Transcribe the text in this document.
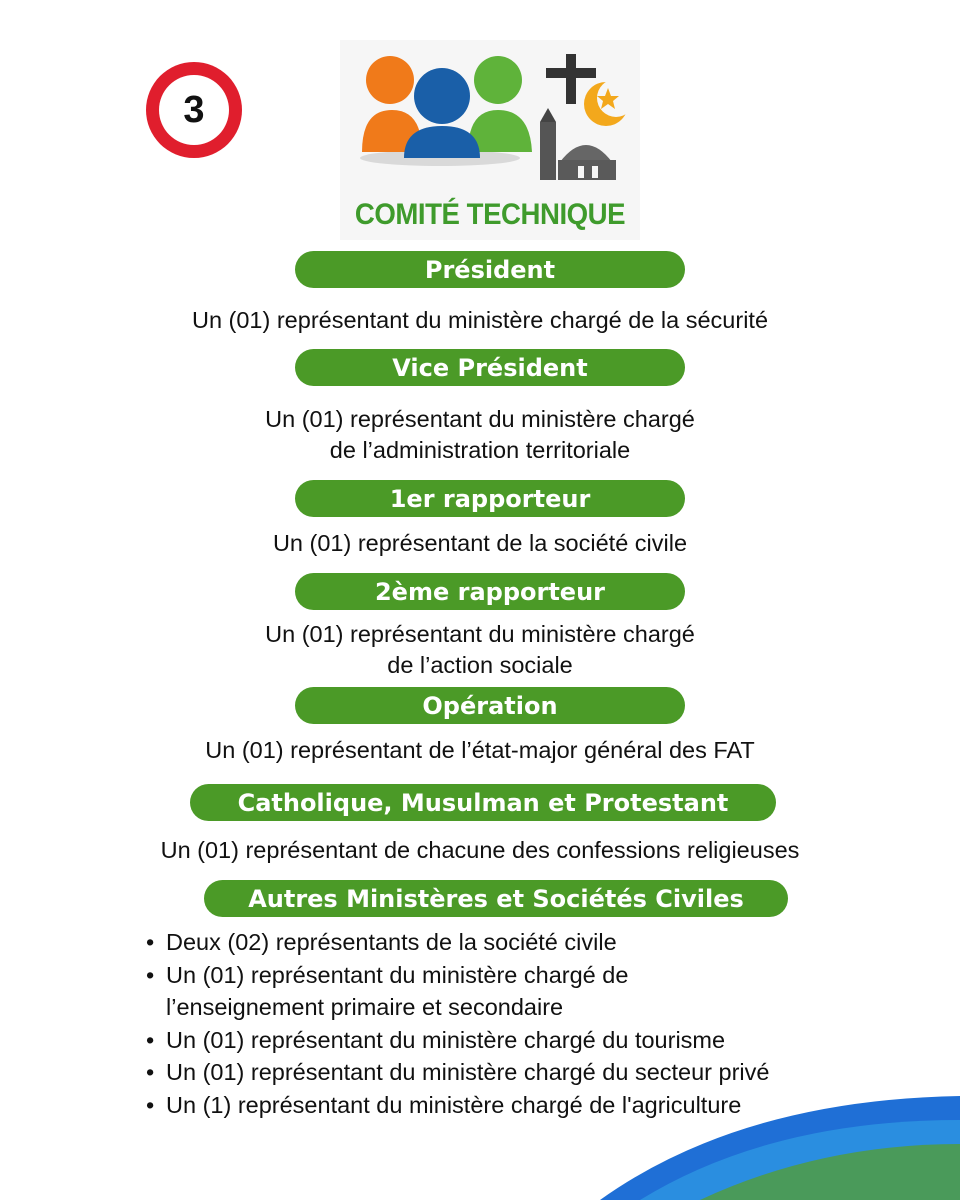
3
COMITÉ TECHNIQUE
Président
Un (01) représentant du ministère chargé de la sécurité
Vice Président
Un (01) représentant du ministère chargé
de l’administration territoriale
1er rapporteur
Un (01) représentant de la société civile
2ème rapporteur
Un (01) représentant du ministère chargé
de l’action sociale
Opération
Un (01) représentant de l’état-major général des FAT
Catholique, Musulman et Protestant
Un (01) représentant de chacune des confessions religieuses
Autres Ministères et Sociétés Civiles
• Deux (02) représentants de la société civile
• Un (01) représentant du ministère chargé de
l’enseignement primaire et secondaire
• Un (01) représentant du ministère chargé du tourisme
• Un (01) représentant du ministère chargé du secteur privé
• Un (1) représentant du ministère chargé de l'agriculture
